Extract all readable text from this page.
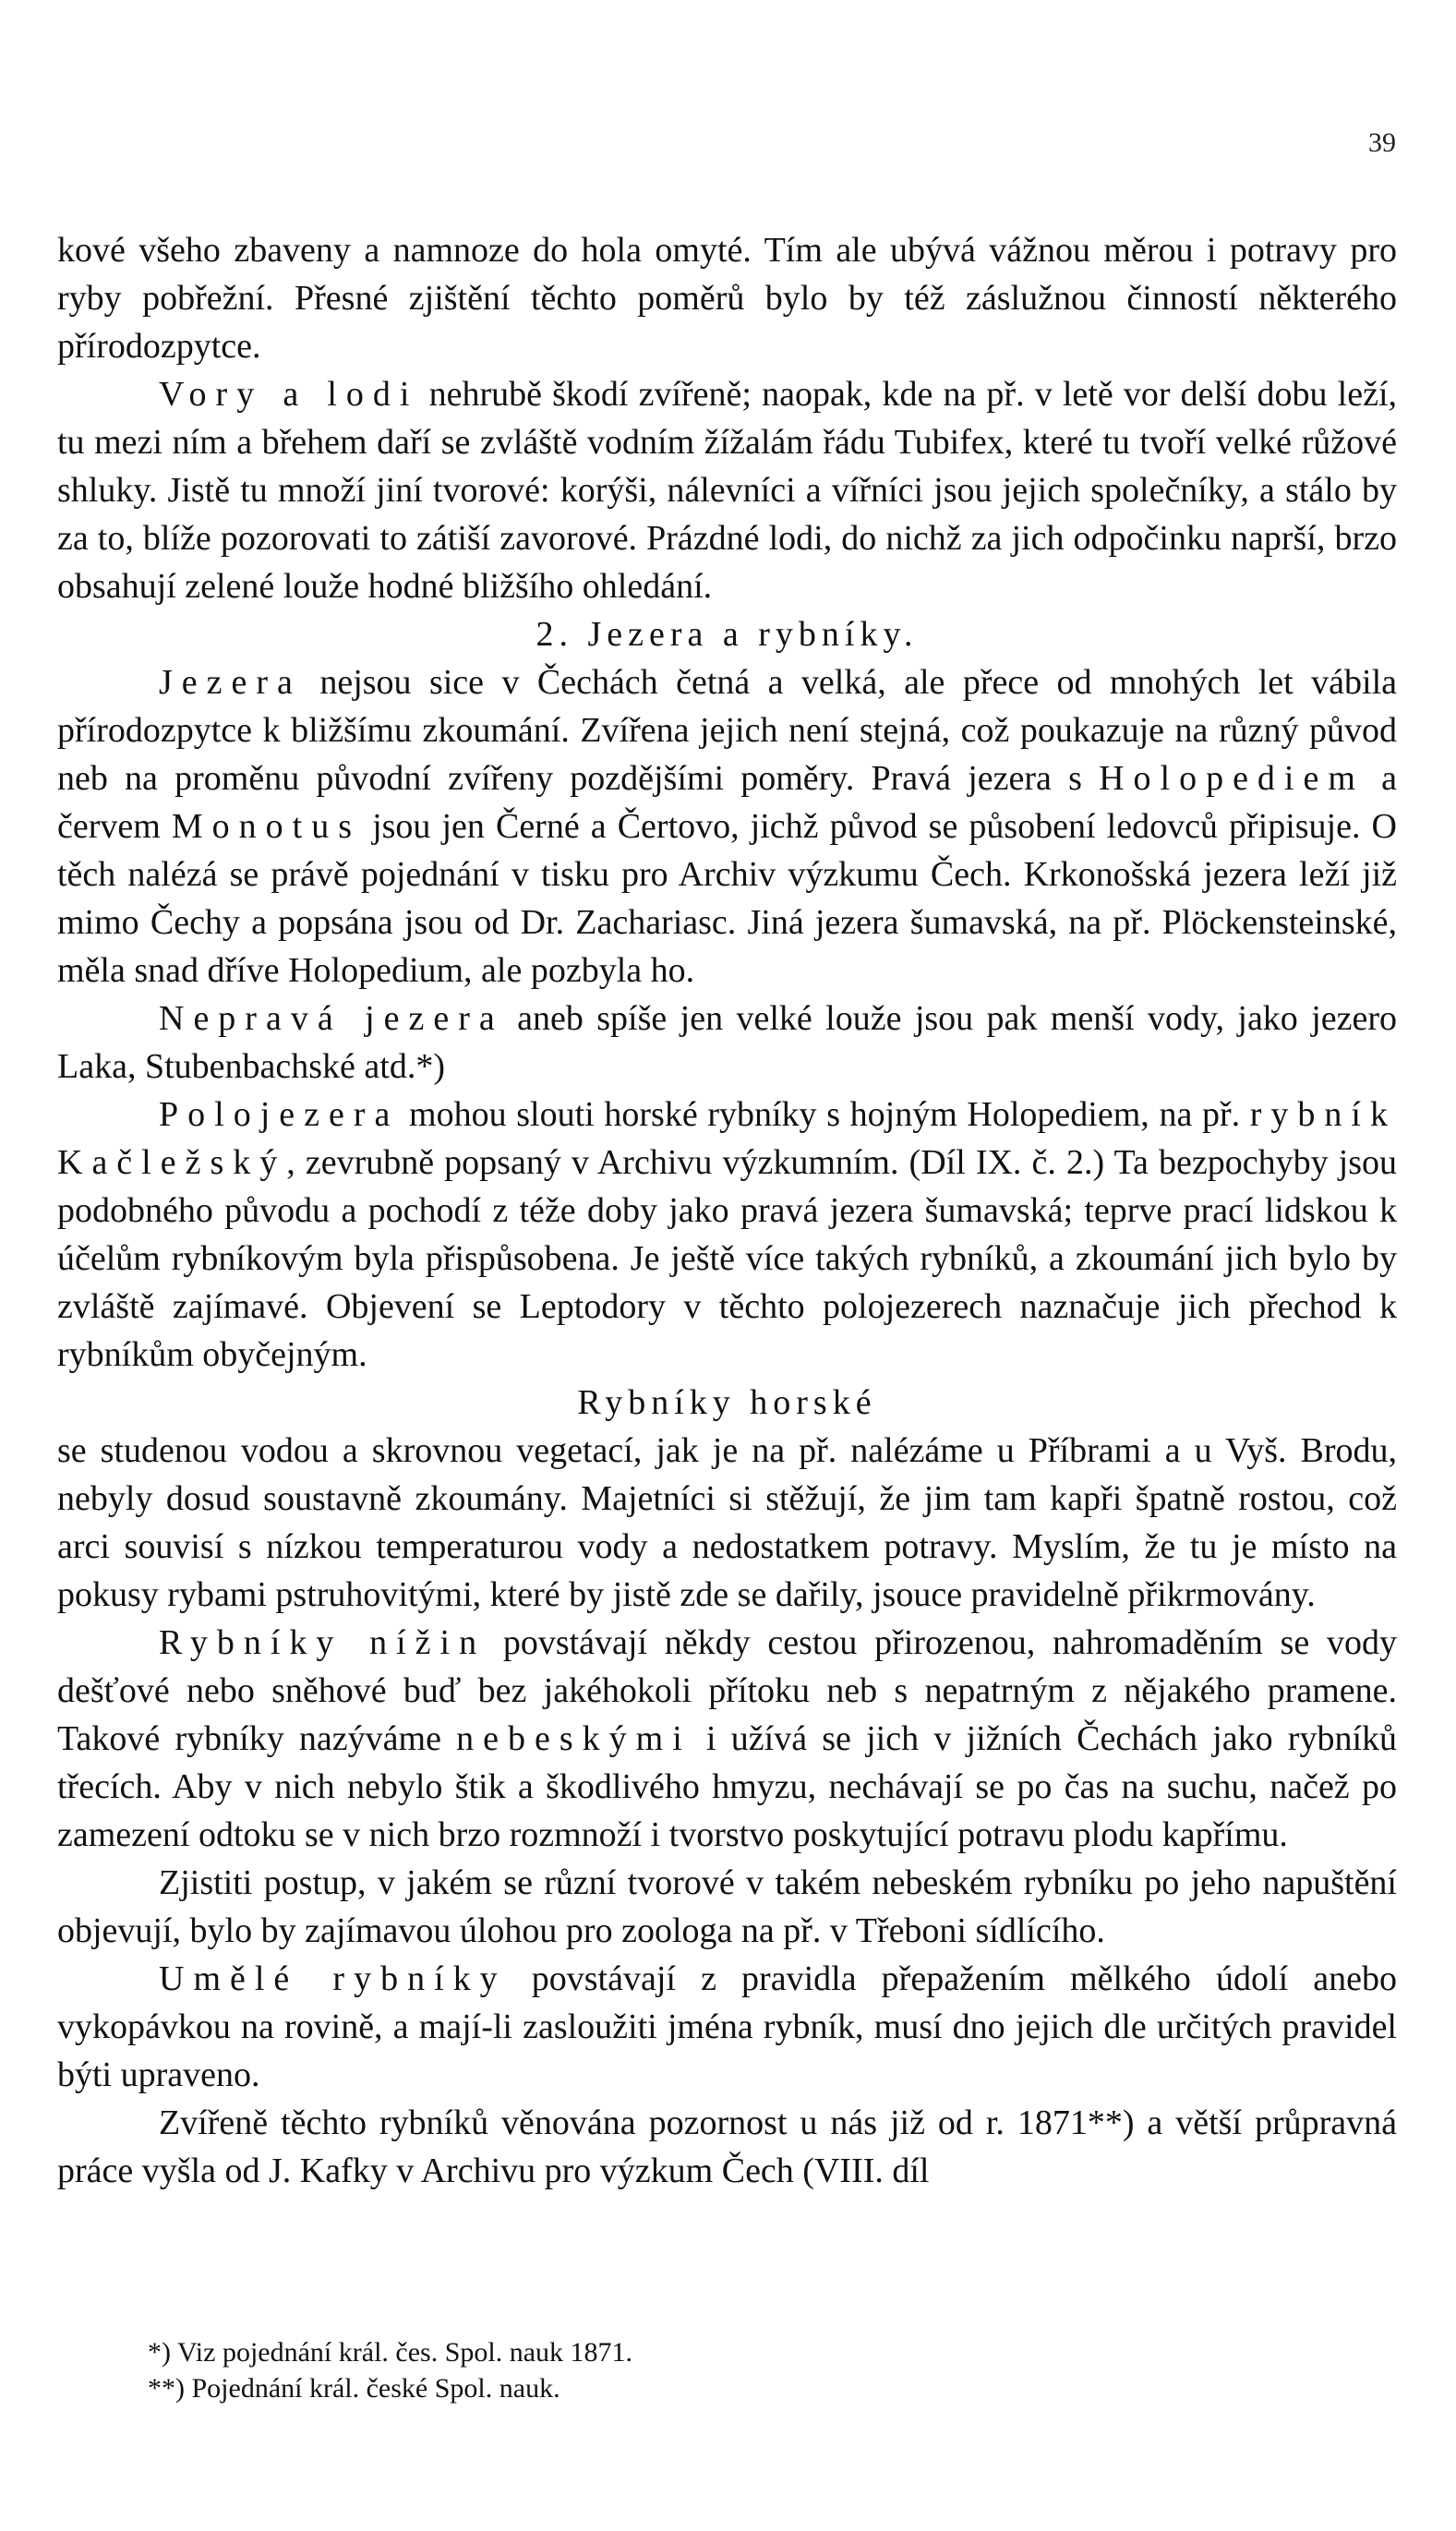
39

kové všeho zbaveny a namnoze do hola omyté. Tím ale ubývá vážnou měrou i potravy pro ryby pobřežní. Přesné zjištění těchto poměrů bylo by též záslužnou činností některého přírodozpytce.

Vory a lodi nehrubě škodí zvířeně; naopak, kde na př. v letě vor delší dobu leží, tu mezi ním a břehem daří se zvláště vodním žížalám řádu Tubifex, které tu tvoří velké růžové shluky. Jistě tu množí jiní tvorové: korýši, nálevníci a vířníci jsou jejich společníky, a stálo by za to, blíže pozorovati to zátiší zavorové. Prázdné lodi, do nichž za jich odpočinku naprší, brzo obsahují zelené louže hodné bližšího ohledání.

2. Jezera a rybníky.

Jezera nejsou sice v Čechách četná a velká, ale přece od mnohých let vábila přírodozpytce k bližšímu zkoumání. Zvířena jejich není stejná, což poukazuje na různý původ neb na proměnu původní zvířeny pozdějšími poměry. Pravá jezera s Holopediem a červem Monotus jsou jen Černé a Čertovo, jichž původ se působení ledovců připisuje. O těch nalézá se právě pojednání v tisku pro Archiv výzkumu Čech. Krkonošská jezera leží již mimo Čechy a popsána jsou od Dr. Zachariasc. Jiná jezera šumavská, na př. Plöckensteinské, měla snad dříve Holopedium, ale pozbyla ho.

Nepravá jezera aneb spíše jen velké louže jsou pak menší vody, jako jezero Laka, Stubenbachské atd.*)

Polojezera mohou slouti horské rybníky s hojným Holopediem, na př. rybník Kačležský, zevrubně popsaný v Archivu výzkumním. (Díl IX. č. 2.) Ta bezpochyby jsou podobného původu a pochodí z téže doby jako pravá jezera šumavská; teprve prací lidskou k účelům rybníkovým byla přispůsobena. Je ještě více takých rybníků, a zkoumání jich bylo by zvláště zajímavé. Objevení se Leptodory v těchto polojezerech naznačuje jich přechod k rybníkům obyčejným.

Rybníky horské

se studenou vodou a skrovnou vegetací, jak je na př. nalézáme u Příbrami a u Vyš. Brodu, nebyly dosud soustavně zkoumány. Majetníci si stěžují, že jim tam kapři špatně rostou, což arci souvisí s nízkou temperaturou vody a nedostatkem potravy. Myslím, že tu je místo na pokusy rybami pstruhovitými, které by jistě zde se dařily, jsouce pravidelně přikrmovány.

Rybníky nížin povstávají někdy cestou přirozenou, nahromaděním se vody dešťové nebo sněhové buď bez jakéhokoli přítoku neb s nepatrným z nějakého pramene. Takové rybníky nazýváme nebeskými i užívá se jich v jižních Čechách jako rybníků třecích. Aby v nich nebylo štik a škodlivého hmyzu, nechávají se po čas na suchu, načež po zamezení odtoku se v nich brzo rozmnoží i tvorstvo poskytující potravu plodu kapřímu.

Zjistiti postup, v jakém se různí tvorové v takém nebeském rybníku po jeho napuštění objevují, bylo by zajímavou úlohou pro zoologa na př. v Třeboni sídlícího.

Umělé rybníky povstávají z pravidla přepažením mělkého údolí anebo vykopávkou na rovině, a mají-li zasloužiti jména rybník, musí dno jejich dle určitých pravidel býti upraveno.

Zvířeně těchto rybníků věnována pozornost u nás již od r. 1871**) a větší průpravná práce vyšla od J. Kafky v Archivu pro výzkum Čech (VIII. díl

*) Viz pojednání král. čes. Spol. nauk 1871.

**) Pojednání král. české Spol. nauk.
